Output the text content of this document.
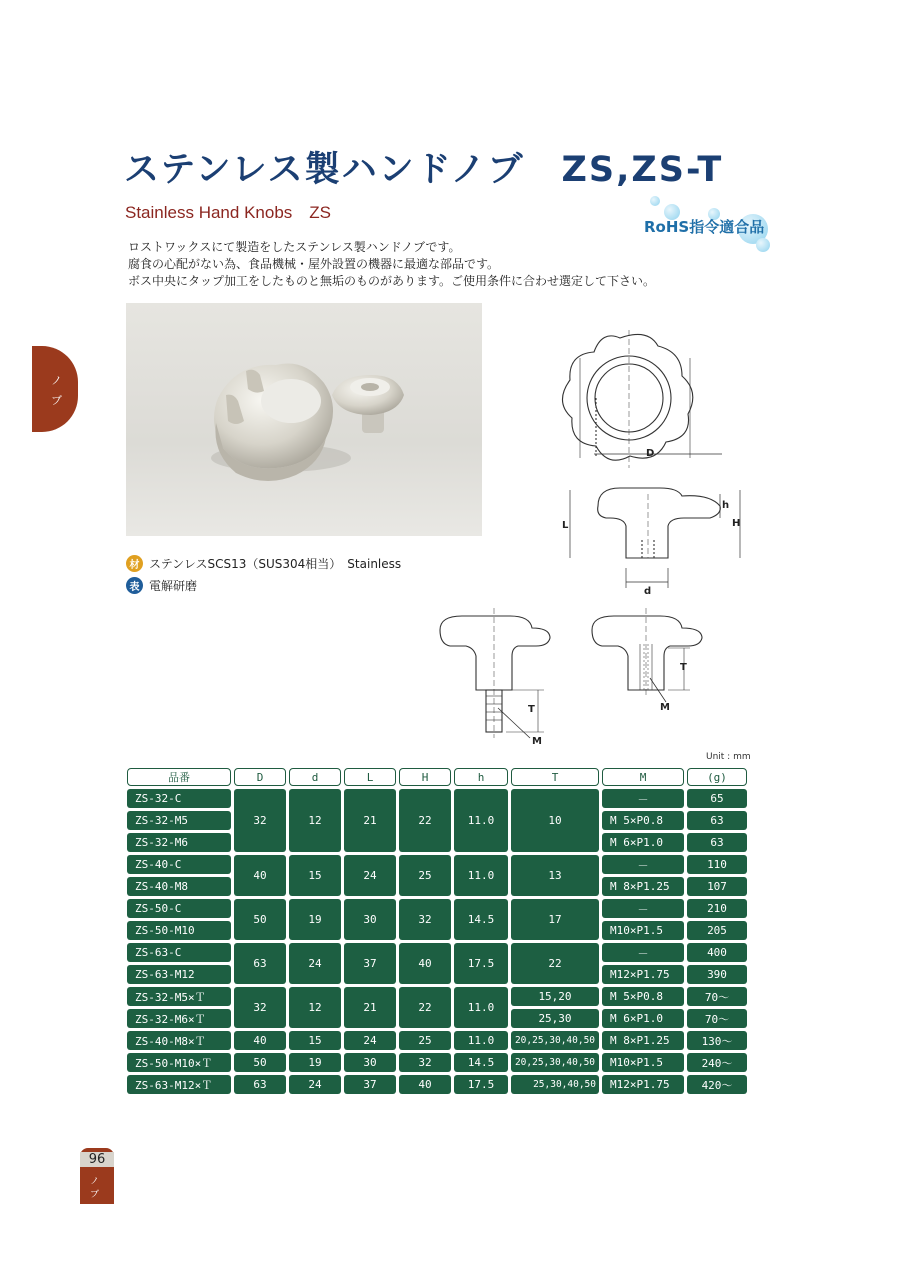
ステンレス製ハンドノブ　ZS,ZS-T
Stainless Hand Knobs　ZS
RoHS指令適合品
ロストワックスにて製造をしたステンレス製ハンドノブです。
腐食の心配がない為、食品機械・屋外設置の機器に最適な部品です。
ボス中央にタップ加工をしたものと無垢のものがあります。ご使用条件に合わせ選定して下さい。
ノ
ブ
D
d
L	H
h
T
M
T
M
材 ステンレスSCS13（SUS304相当）　Stainless
表 電解研磨
Unit : mm
品番	D	d	L	H	h	T	M	(g)
ZS-32-C	32	12	21	22	11.0	10	－	65
ZS-32-M5							M 5×P0.8	63
ZS-32-M6							M 6×P1.0	63
ZS-40-C	40	15	24	25	11.0	13	－	110
ZS-40-M8							M 8×P1.25	107
ZS-50-C	50	19	30	32	14.5	17	－	210
ZS-50-M10							M10×P1.5	205
ZS-63-C	63	24	37	40	17.5	22	－	400
ZS-63-M12							M12×P1.75	390
ZS-32-M5×Ｔ	32	12	21	22	11.0	15,20	M 5×P0.8	70～
ZS-32-M6×Ｔ						25,30	M 6×P1.0	70～
ZS-40-M8×Ｔ	40	15	24	25	11.0	20,25,30,40,50	M 8×P1.25	130～
ZS-50-M10×Ｔ	50	19	30	32	14.5	20,25,30,40,50	M10×P1.5	240～
ZS-63-M12×Ｔ	63	24	37	40	17.5	25,30,40,50	M12×P1.75	420～
96
ノ ブ
